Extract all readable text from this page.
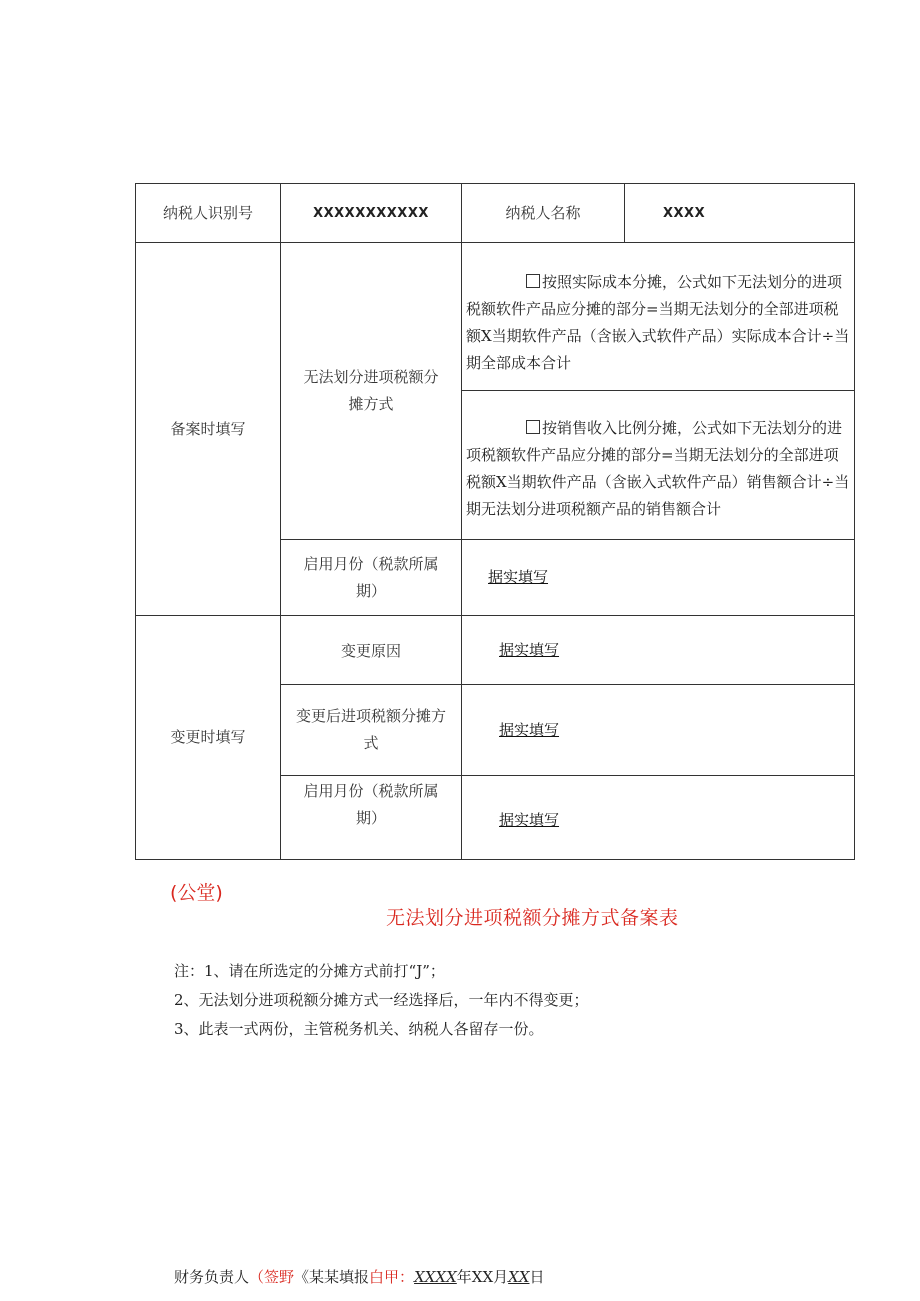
纳税人识别号	XXXXXXXXXXX	纳税人名称	XXXX
备案时填写	无法划分进项税额分摊方式	按照实际成本分摊，公式如下无法划分的进项税额软件产品应分摊的部分=当期无法划分的全部进项税额X当期软件产品（含嵌入式软件产品）实际成本合计÷当期全部成本合计	
		按销售收入比例分摊，公式如下无法划分的进项税额软件产品应分摊的部分=当期无法划分的全部进项税额X当期软件产品（含嵌入式软件产品）销售额合计÷当期无法划分进项税额产品的销售额合计	
	启用月份（税款所属期）	据实填写	
变更时填写	变更原因	据实填写	
	变更后进项税额分摊方式	据实填写	
	启用月份（税款所属期）	据实填写	
(公堂)
无法划分进项税额分摊方式备案表
注：1、请在所选定的分摊方式前打“J”；
2、无法划分进项税额分摊方式一经选择后，一年内不得变更；
3、此表一式两份，主管税务机关、纳税人各留存一份。
财务负责人（签野《某某填报白甲：XXXX年XX月XX日
